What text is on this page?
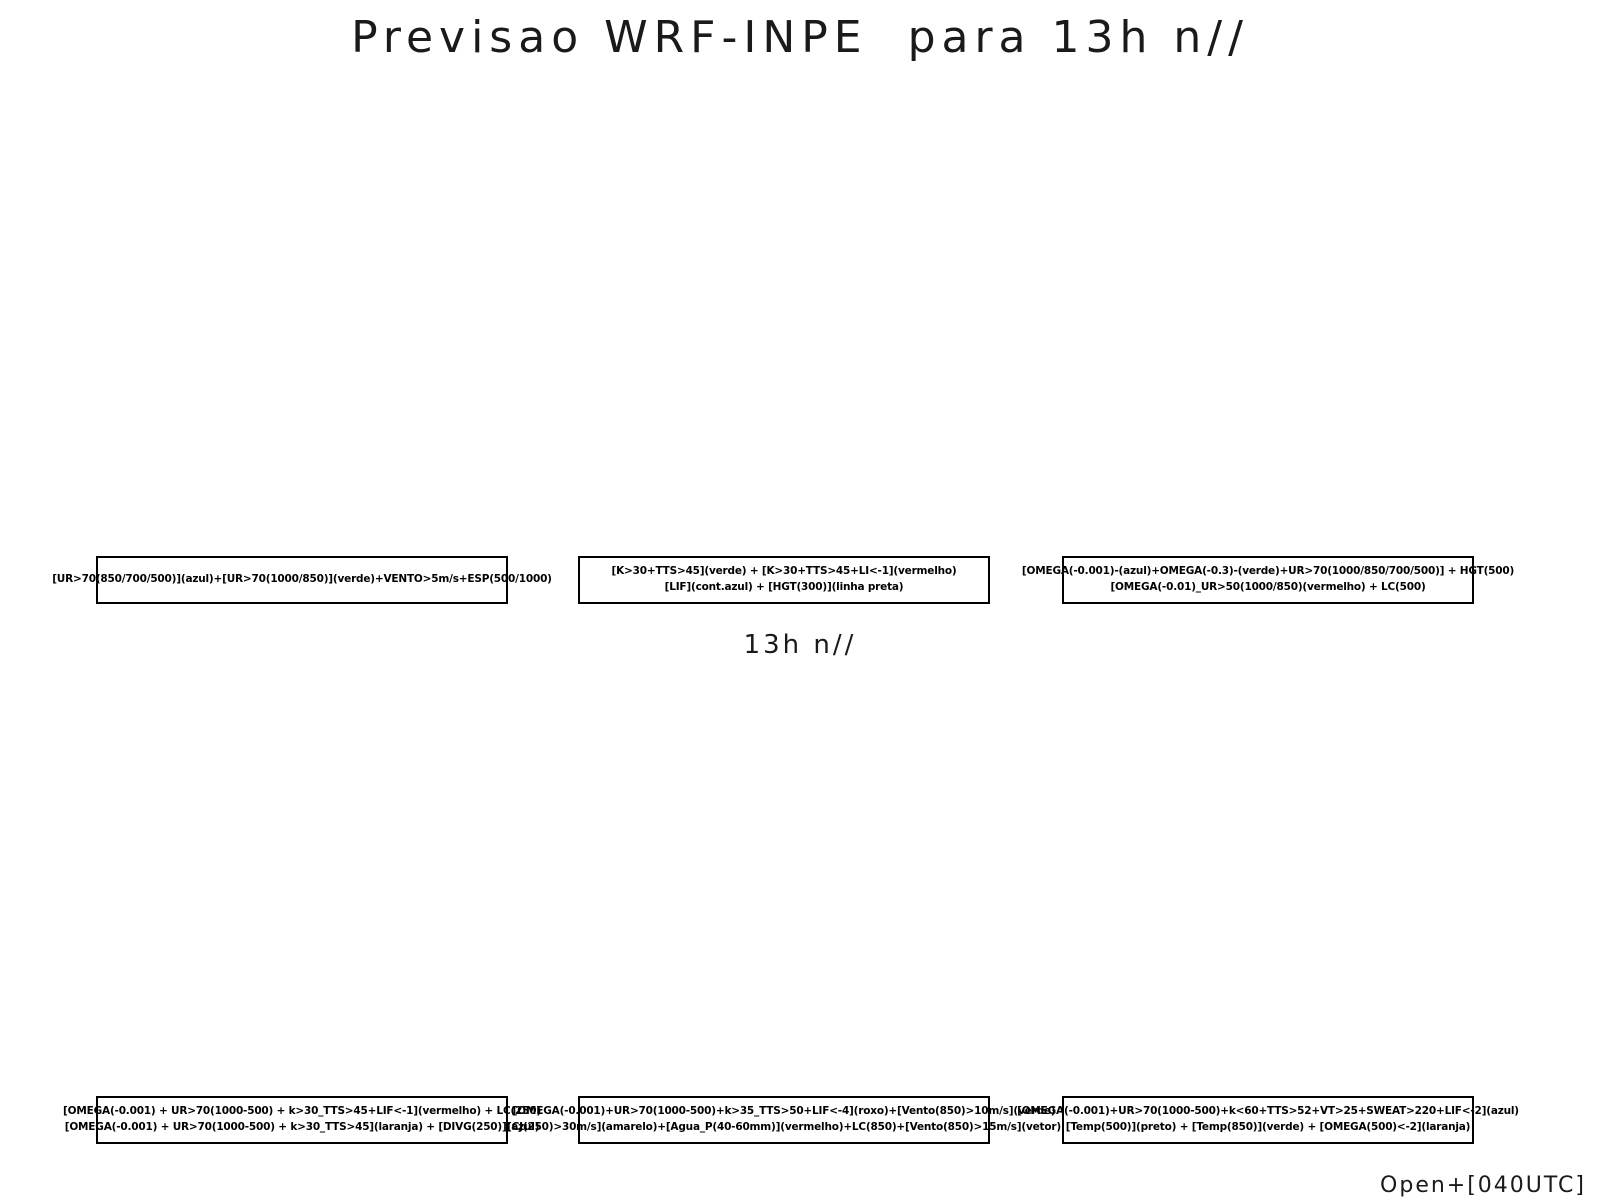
Previsao WRF-INPE  para 13h n//
[UR>70(850/700/500)](azul)+[UR>70(1000/850)](verde)+VENTO>5m/s+ESP(500/1000)
[K>30+TTS>45](verde) + [K>30+TTS>45+LI<-1](vermelho)
[LIF](cont.azul) + [HGT(300)](linha preta)
[OMEGA(-0.001)-(azul)+OMEGA(-0.3)-(verde)+UR>70(1000/850/700/500)] + HGT(500)
[OMEGA(-0.01)_UR>50(1000/850)(vermelho) + LC(500)
13h n//
[OMEGA(-0.001) + UR>70(1000-500) + k>30_TTS>45+LIF<-1](vermelho) + LC(250)
[OMEGA(-0.001) + UR>70(1000-500) + k>30_TTS>45](laranja) + [DIVG(250)](azul)
[OMEGA(-0.001)+UR>70(1000-500)+k>35_TTS>50+LIF<-4](roxo)+[Vento(850)>10m/s](verde)
[CJ(250)>30m/s](amarelo)+[Agua_P(40-60mm)](vermelho)+LC(850)+[Vento(850)>15m/s](vetor)
[OMEGA(-0.001)+UR>70(1000-500)+k<60+TTS>52+VT>25+SWEAT>220+LIF<-2](azul)
[Temp(500)](preto) + [Temp(850)](verde) + [OMEGA(500)<-2](laranja)
Open+[040UTC]
